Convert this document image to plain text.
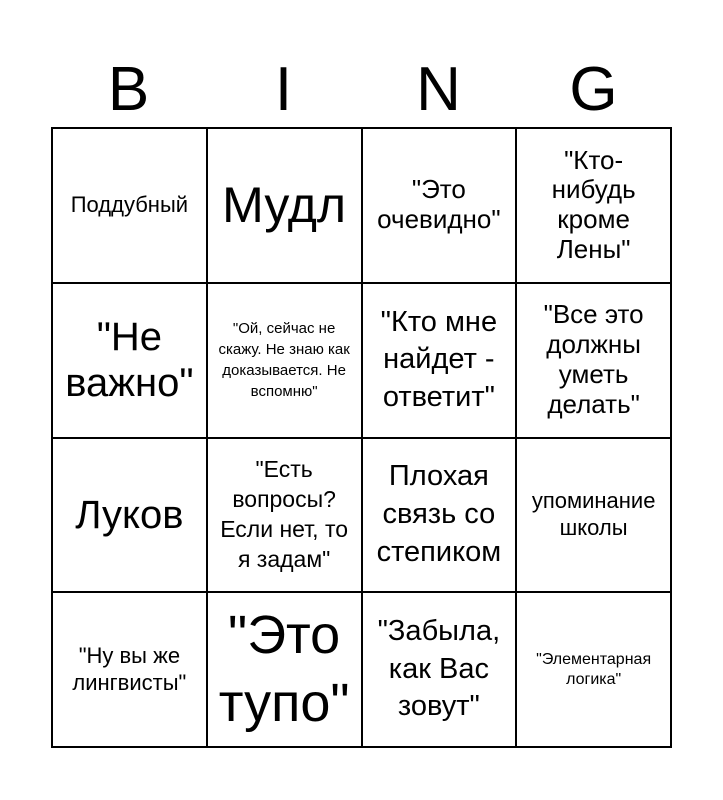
B	I	N	G
Поддубный Мудл	"Это очевидно"
"Кто-нибудь кроме Лены"
"Не важно"
"Ой, сейчас не скажу. Не знаю как доказывается. Не вспомню"
"Кто мне найдет - ответит"
"Все это должны уметь делать"
Луков
"Есть вопросы? Если нет, то я задам"
Плохая связь со степиком
упоминание школы
"Ну вы же лингвисты"
"Это тупо"
"Забыла, как Вас зовут"
"Элементарная логика"
